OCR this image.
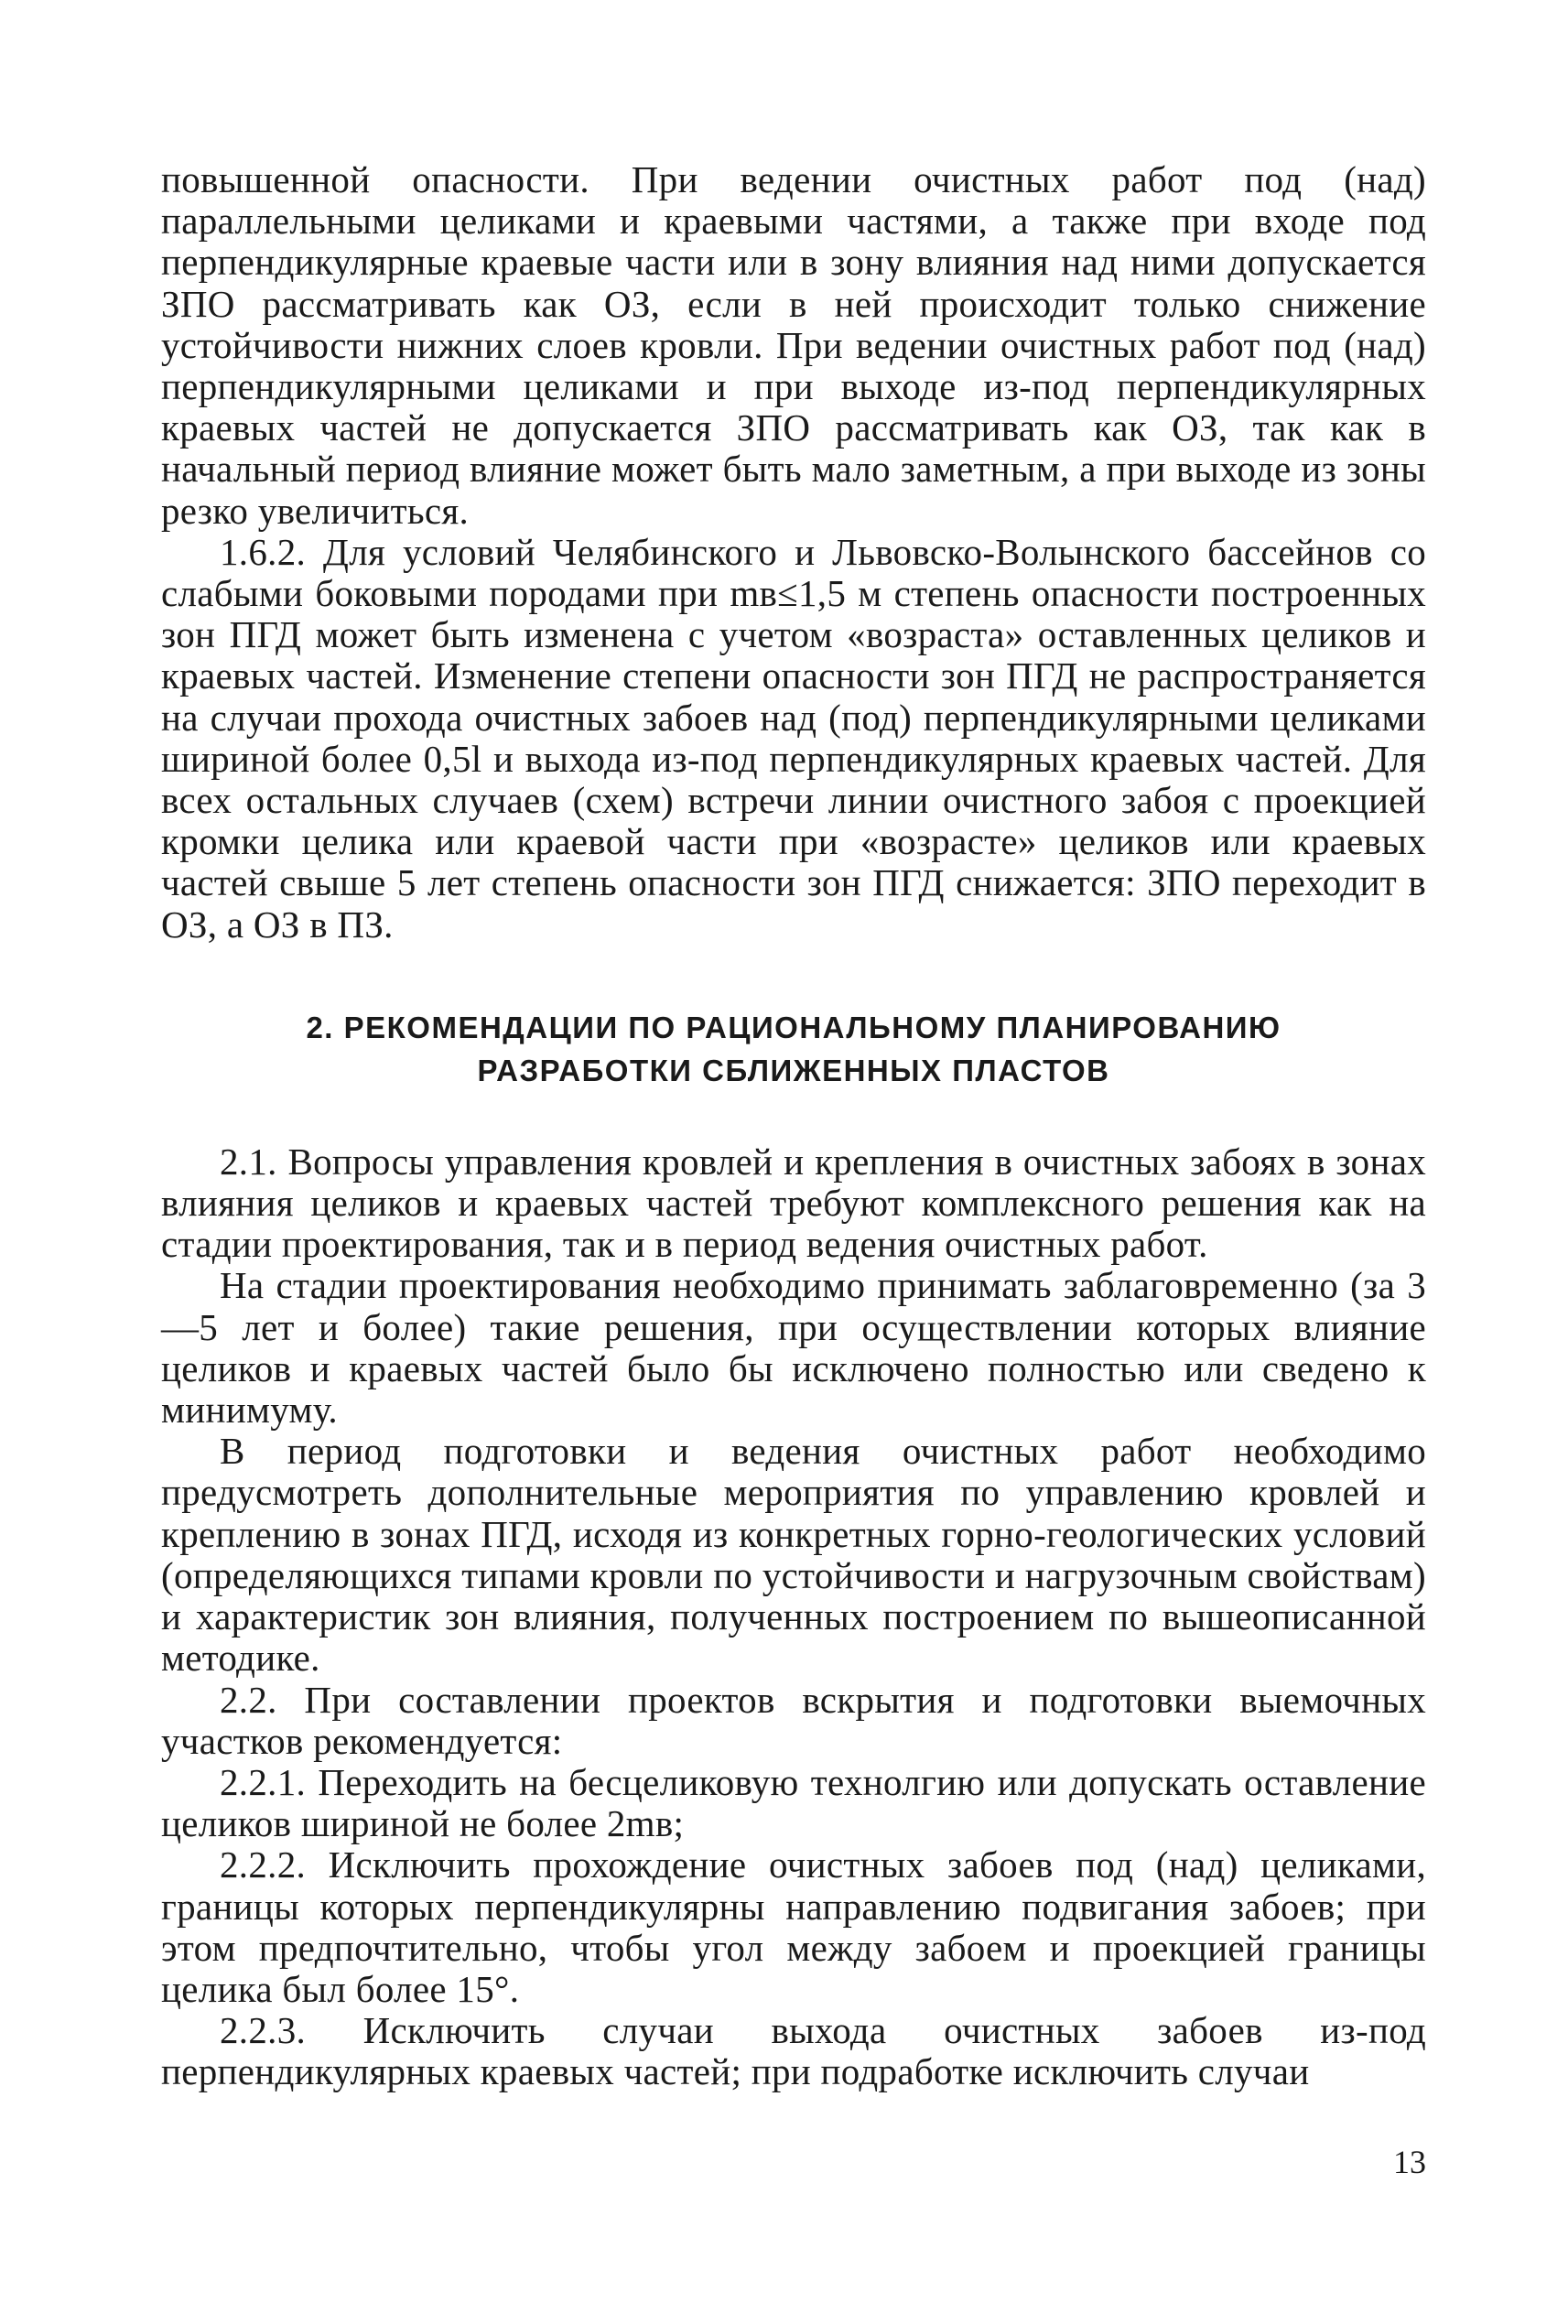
повышенной опасности. При ведении очистных работ под (над) параллельными целиками и краевыми частями, а также при входе под перпендикулярные краевые части или в зону влияния над ними допускается ЗПО рассматривать как ОЗ, если в ней происходит только снижение устойчивости нижних слоев кровли. При ведении очистных работ под (над) перпендикулярными целиками и при выходе из-под перпендикулярных краевых частей не допускается ЗПО рассматривать как ОЗ, так как в начальный период влияние может быть мало заметным, а при выходе из зоны резко увеличиться.

1.6.2. Для условий Челябинского и Львовско-Волынского бассейнов со слабыми боковыми породами при mв≤1,5 м степень опасности построенных зон ПГД может быть изменена с учетом «возраста» оставленных целиков и краевых частей. Изменение степени опасности зон ПГД не распространяется на случаи прохода очистных забоев над (под) перпендикулярными целиками шириной более 0,5l и выхода из-под перпендикулярных краевых частей. Для всех остальных случаев (схем) встречи линии очистного забоя с проекцией кромки целика или краевой части при «возрасте» целиков или краевых частей свыше 5 лет степень опасности зон ПГД снижается: ЗПО переходит в ОЗ, а ОЗ в ПЗ.

2. РЕКОМЕНДАЦИИ ПО РАЦИОНАЛЬНОМУ ПЛАНИРОВАНИЮ
РАЗРАБОТКИ СБЛИЖЕННЫХ ПЛАСТОВ

2.1. Вопросы управления кровлей и крепления в очистных забоях в зонах влияния целиков и краевых частей требуют комплексного решения как на стадии проектирования, так и в период ведения очистных работ.

На стадии проектирования необходимо принимать заблаговременно (за 3—5 лет и более) такие решения, при осуществлении которых влияние целиков и краевых частей было бы исключено полностью или сведено к минимуму.

В период подготовки и ведения очистных работ необходимо предусмотреть дополнительные мероприятия по управлению кровлей и креплению в зонах ПГД, исходя из конкретных горно-геологических условий (определяющихся типами кровли по устойчивости и нагрузочным свойствам) и характеристик зон влияния, полученных построением по вышеописанной методике.

2.2. При составлении проектов вскрытия и подготовки выемочных участков рекомендуется:

2.2.1. Переходить на бесцеликовую технолгию или допускать оставление целиков шириной не более 2mв;

2.2.2. Исключить прохождение очистных забоев под (над) целиками, границы которых перпендикулярны направлению подвигания забоев; при этом предпочтительно, чтобы угол между забоем и проекцией границы целика был более 15°.

2.2.3. Исключить случаи выхода очистных забоев из-под перпендикулярных краевых частей; при подработке исключить случаи

13
